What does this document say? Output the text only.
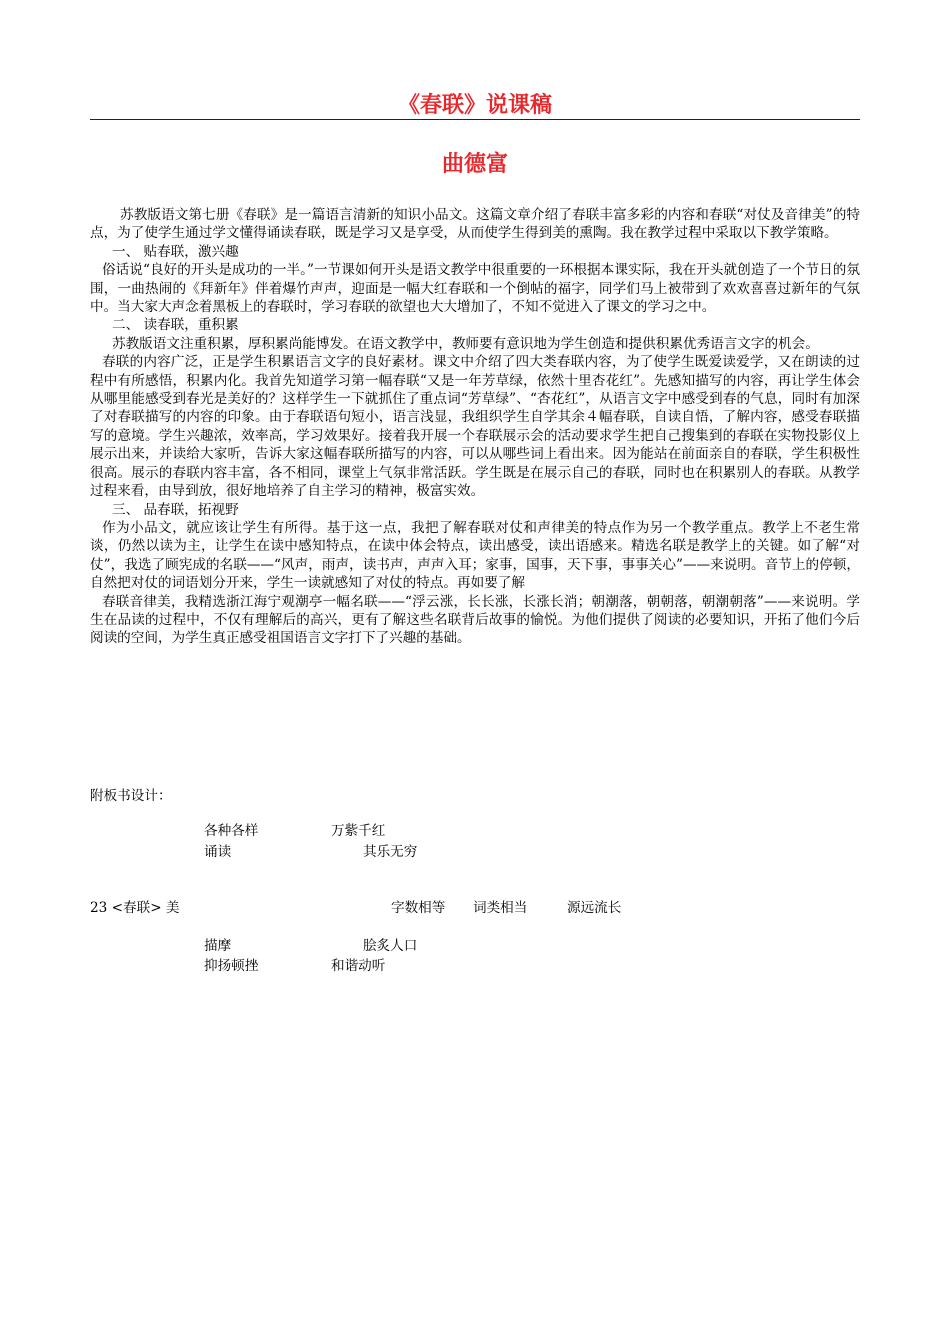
《春联》说课稿
曲德富

苏教版语文第七册《春联》是一篇语言清新的知识小品文。这篇文章介绍了春联丰富多彩的内容和春联“对仗及音律美”的特点，为了使学生通过学文懂得诵读春联，既是学习又是享受，从而使学生得到美的熏陶。我在教学过程中采取以下教学策略。

一、 贴春联，激兴趣

俗话说“良好的开头是成功的一半。”一节课如何开头是语文教学中很重要的一环根据本课实际，我在开头就创造了一个节日的氛围，一曲热闹的《拜新年》伴着爆竹声声，迎面是一幅大红春联和一个倒帖的福字，同学们马上被带到了欢欢喜喜过新年的气氛中。当大家大声念着黑板上的春联时，学习春联的欲望也大大增加了，不知不觉进入了课文的学习之中。

二、 读春联，重积累

苏教版语文注重积累，厚积累尚能博发。在语文教学中，教师要有意识地为学生创造和提供积累优秀语言文字的机会。

春联的内容广泛，正是学生积累语言文字的良好素材。课文中介绍了四大类春联内容，为了使学生既爱读爱学，又在朗读的过程中有所感悟，积累内化。我首先知道学习第一幅春联“又是一年芳草绿，依然十里杏花红”。先感知描写的内容，再让学生体会从哪里能感受到春光是美好的？这样学生一下就抓住了重点词“芳草绿”、“杏花红”，从语言文字中感受到春的气息，同时有加深了对春联描写的内容的印象。由于春联语句短小，语言浅显，我组织学生自学其余４幅春联，自读自悟，了解内容，感受春联描写的意境。学生兴趣浓，效率高，学习效果好。接着我开展一个春联展示会的活动要求学生把自己搜集到的春联在实物投影仪上展示出来，并读给大家听，告诉大家这幅春联所描写的内容，可以从哪些词上看出来。因为能站在前面亲自的春联，学生积极性很高。展示的春联内容丰富，各不相同，课堂上气氛非常活跃。学生既是在展示自己的春联，同时也在积累别人的春联。从教学过程来看，由导到放，很好地培养了自主学习的精神，极富实效。

三、 品春联，拓视野

作为小品文，就应该让学生有所得。基于这一点，我把了解春联对仗和声律美的特点作为另一个教学重点。教学上不老生常谈，仍然以读为主，让学生在读中感知特点，在读中体会特点，读出感受，读出语感来。精选名联是教学上的关键。如了解“对仗”，我选了顾宪成的名联——“风声，雨声，读书声，声声入耳；家事，国事，天下事，事事关心”——来说明。音节上的停顿，自然把对仗的词语划分开来，学生一读就感知了对仗的特点。再如要了解

春联音律美，我精选浙江海宁观潮亭一幅名联——“浮云涨，长长涨，长涨长消；朝潮落，朝朝落，朝潮朝落”——来说明。学生在品读的过程中，不仅有理解后的高兴，更有了解这些名联背后故事的愉悦。为他们提供了阅读的必要知识，开拓了他们今后阅读的空间，为学生真正感受祖国语言文字打下了兴趣的基础。

附板书设计：
各种各样	万紫千红
诵读	其乐无穷
23 <春联> 美	字数相等 词类相当	源远流长
描摩	脍炙人口
抑扬顿挫	和谐动听
